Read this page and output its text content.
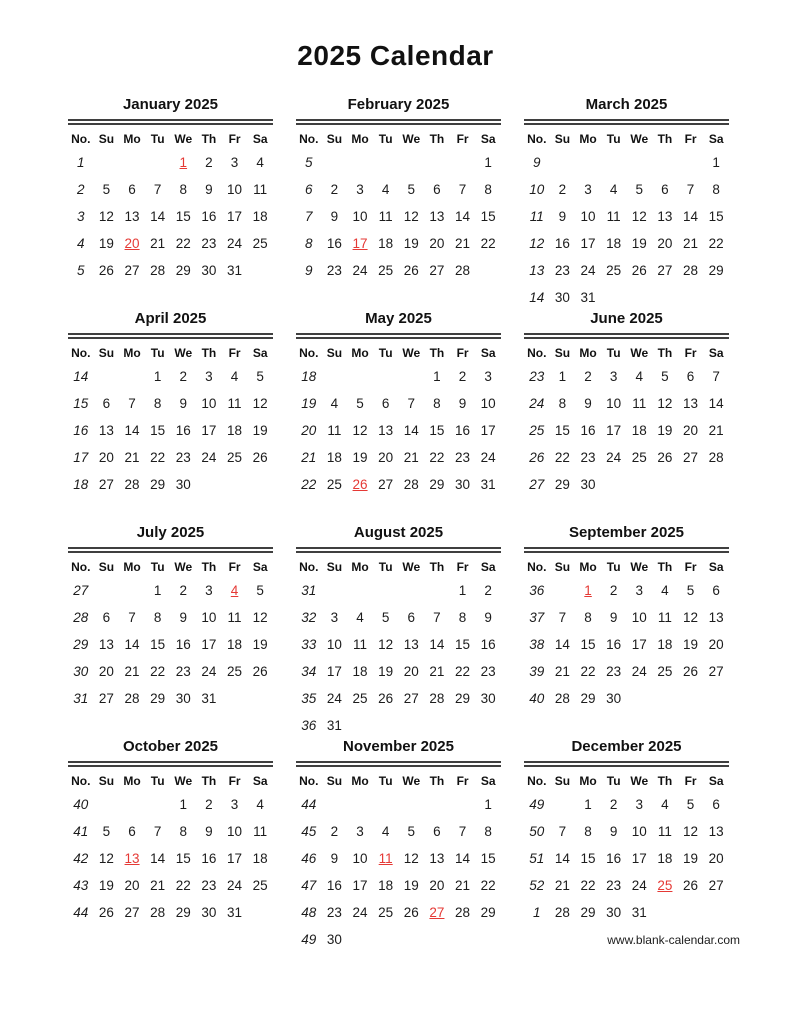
2025 Calendar
January 2025
No.	Su	Mo	Tu	We	Th	Fr	Sa
1				1	2	3	4
2	5	6	7	8	9	10	11
3	12	13	14	15	16	17	18
4	19	20	21	22	23	24	25
5	26	27	28	29	30	31	
February 2025
No.	Su	Mo	Tu	We	Th	Fr	Sa
5							1
6	2	3	4	5	6	7	8
7	9	10	11	12	13	14	15
8	16	17	18	19	20	21	22
9	23	24	25	26	27	28	
March 2025
No.	Su	Mo	Tu	We	Th	Fr	Sa
9							1
10	2	3	4	5	6	7	8
11	9	10	11	12	13	14	15
12	16	17	18	19	20	21	22
13	23	24	25	26	27	28	29
14	30	31					
April 2025
No.	Su	Mo	Tu	We	Th	Fr	Sa
14			1	2	3	4	5
15	6	7	8	9	10	11	12
16	13	14	15	16	17	18	19
17	20	21	22	23	24	25	26
18	27	28	29	30			
May 2025
No.	Su	Mo	Tu	We	Th	Fr	Sa
18					1	2	3
19	4	5	6	7	8	9	10
20	11	12	13	14	15	16	17
21	18	19	20	21	22	23	24
22	25	26	27	28	29	30	31
June 2025
No.	Su	Mo	Tu	We	Th	Fr	Sa
23	1	2	3	4	5	6	7
24	8	9	10	11	12	13	14
25	15	16	17	18	19	20	21
26	22	23	24	25	26	27	28
27	29	30					
July 2025
No.	Su	Mo	Tu	We	Th	Fr	Sa
27			1	2	3	4	5
28	6	7	8	9	10	11	12
29	13	14	15	16	17	18	19
30	20	21	22	23	24	25	26
31	27	28	29	30	31		
August 2025
No.	Su	Mo	Tu	We	Th	Fr	Sa
31						1	2
32	3	4	5	6	7	8	9
33	10	11	12	13	14	15	16
34	17	18	19	20	21	22	23
35	24	25	26	27	28	29	30
36	31						
September 2025
No.	Su	Mo	Tu	We	Th	Fr	Sa
36		1	2	3	4	5	6
37	7	8	9	10	11	12	13
38	14	15	16	17	18	19	20
39	21	22	23	24	25	26	27
40	28	29	30				
October 2025
No.	Su	Mo	Tu	We	Th	Fr	Sa
40				1	2	3	4
41	5	6	7	8	9	10	11
42	12	13	14	15	16	17	18
43	19	20	21	22	23	24	25
44	26	27	28	29	30	31	
November 2025
No.	Su	Mo	Tu	We	Th	Fr	Sa
44							1
45	2	3	4	5	6	7	8
46	9	10	11	12	13	14	15
47	16	17	18	19	20	21	22
48	23	24	25	26	27	28	29
49	30						
December 2025
No.	Su	Mo	Tu	We	Th	Fr	Sa
49		1	2	3	4	5	6
50	7	8	9	10	11	12	13
51	14	15	16	17	18	19	20
52	21	22	23	24	25	26	27
1	28	29	30	31			
www.blank-calendar.com
